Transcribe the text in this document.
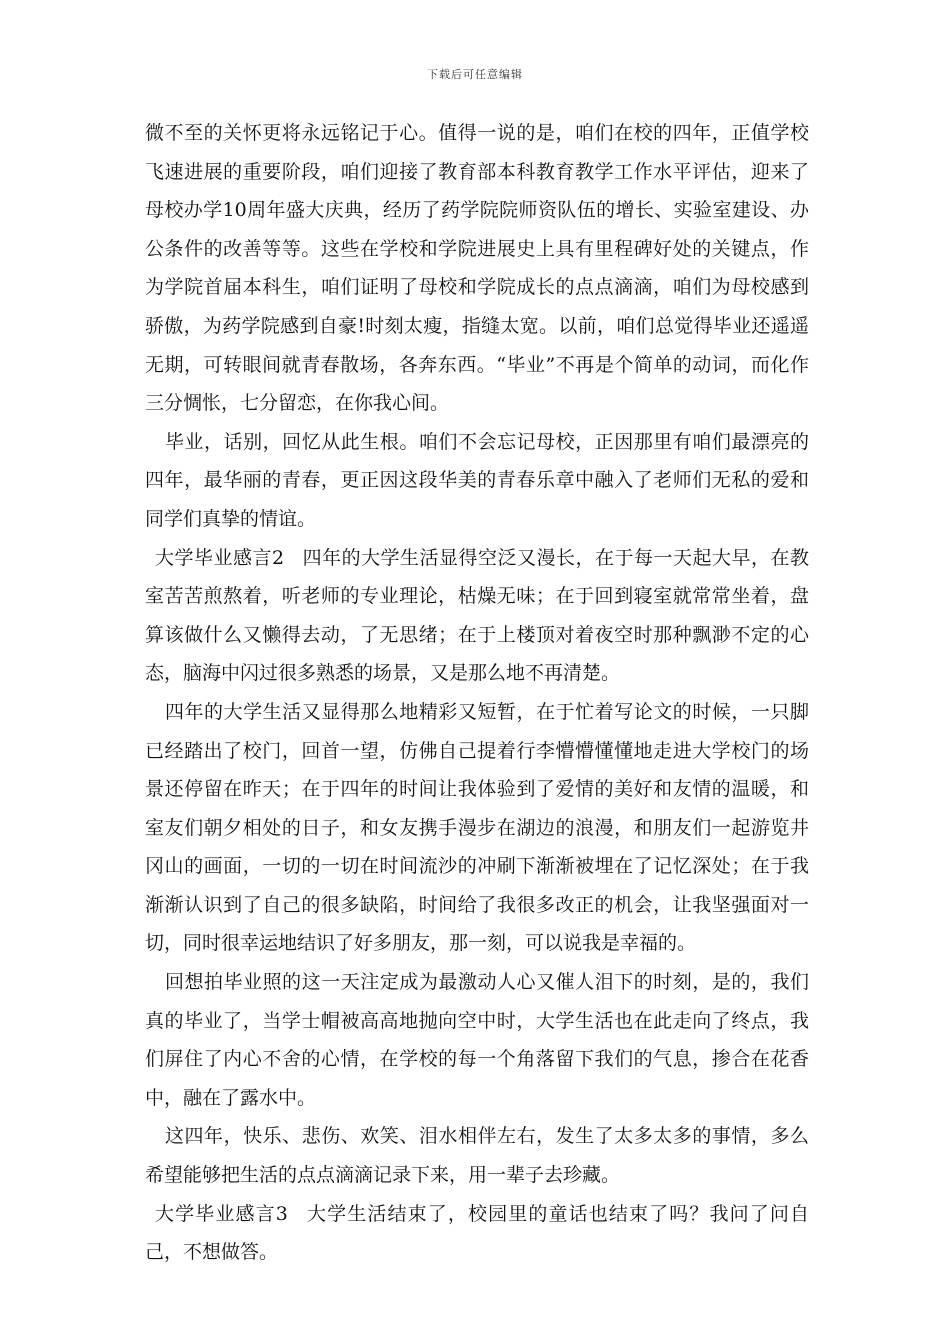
下载后可任意编辑

微不至的关怀更将永远铭记于心。值得一说的是，咱们在校的四年，正值学校飞速进展的重要阶段，咱们迎接了教育部本科教育教学工作水平评估，迎来了母校办学10周年盛大庆典，经历了药学院院师资队伍的增长、实验室建设、办公条件的改善等等。这些在学校和学院进展史上具有里程碑好处的关键点，作为学院首届本科生，咱们证明了母校和学院成长的点点滴滴，咱们为母校感到骄傲，为药学院感到自豪!时刻太瘦，指缝太宽。以前，咱们总觉得毕业还遥遥无期，可转眼间就青春散场，各奔东西。“毕业”不再是个简单的动词，而化作三分惆怅，七分留恋，在你我心间。

毕业，话别，回忆从此生根。咱们不会忘记母校，正因那里有咱们最漂亮的四年，最华丽的青春，更正因这段华美的青春乐章中融入了老师们无私的爱和同学们真挚的情谊。

大学毕业感言2 四年的大学生活显得空泛又漫长，在于每一天起大早，在教室苦苦煎熬着，听老师的专业理论，枯燥无味；在于回到寝室就常常坐着，盘算该做什么又懒得去动，了无思绪；在于上楼顶对着夜空时那种飘渺不定的心态，脑海中闪过很多熟悉的场景，又是那么地不再清楚。

四年的大学生活又显得那么地精彩又短暂，在于忙着写论文的时候，一只脚已经踏出了校门，回首一望，仿佛自己提着行李懵懵懂懂地走进大学校门的场景还停留在昨天；在于四年的时间让我体验到了爱情的美好和友情的温暖，和室友们朝夕相处的日子，和女友携手漫步在湖边的浪漫，和朋友们一起游览井冈山的画面，一切的一切在时间流沙的冲刷下渐渐被埋在了记忆深处；在于我渐渐认识到了自己的很多缺陷，时间给了我很多改正的机会，让我坚强面对一切，同时很幸运地结识了好多朋友，那一刻，可以说我是幸福的。

回想拍毕业照的这一天注定成为最激动人心又催人泪下的时刻，是的，我们真的毕业了，当学士帽被高高地抛向空中时，大学生活也在此走向了终点，我们屏住了内心不舍的心情，在学校的每一个角落留下我们的气息，掺合在花香中，融在了露水中。

这四年，快乐、悲伤、欢笑、泪水相伴左右，发生了太多太多的事情，多么希望能够把生活的点点滴滴记录下来，用一辈子去珍藏。

大学毕业感言3 大学生活结束了，校园里的童话也结束了吗？我问了问自己，不想做答。
